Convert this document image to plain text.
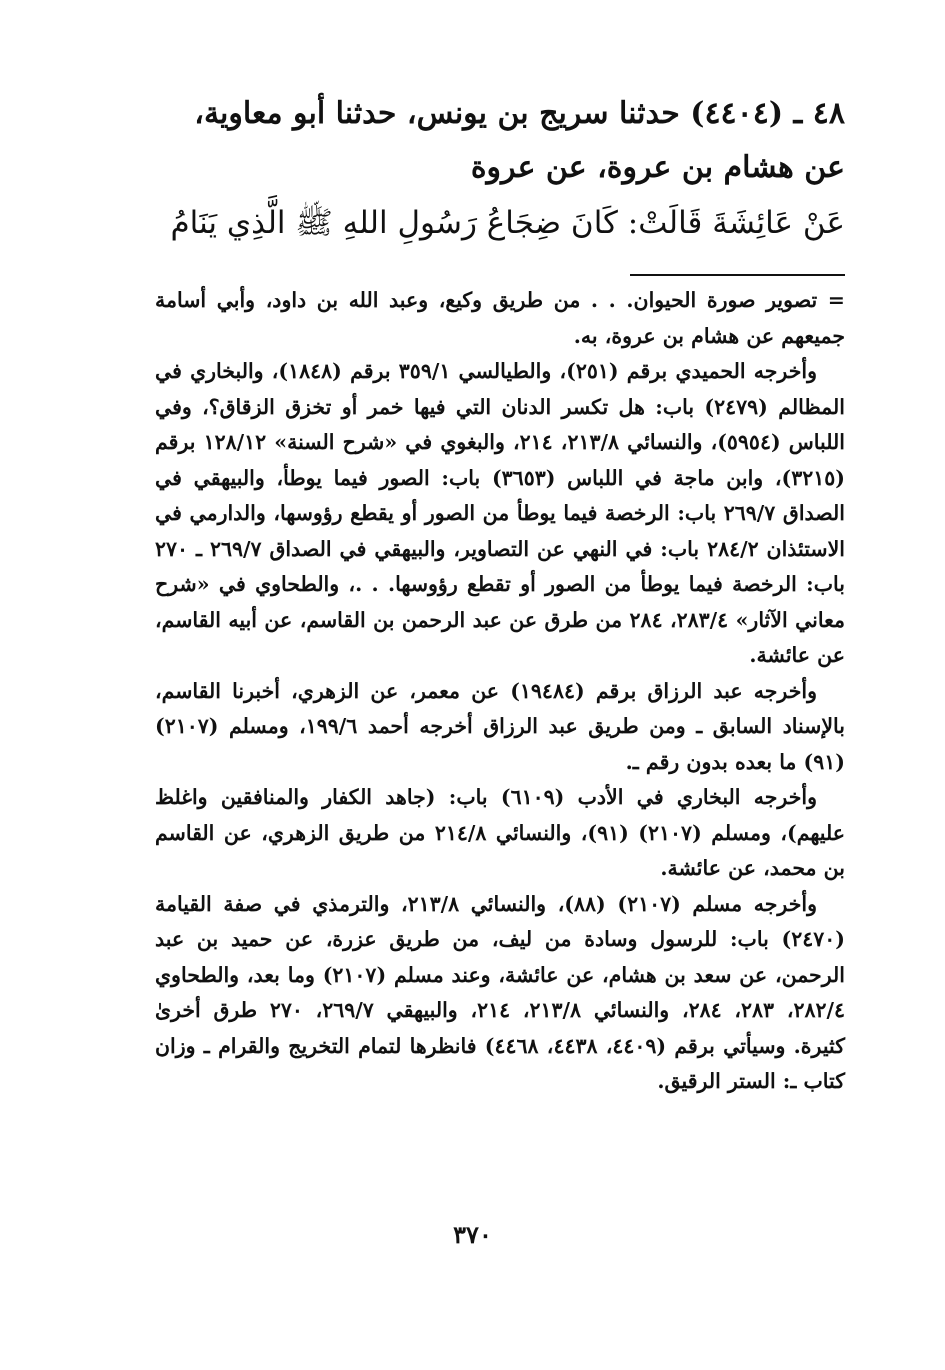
٤٨ ـ (٤٤٠٤) حدثنا سريج بن يونس، حدثنا أبو معاوية،
عن هشام بن عروة، عن عروة
عَنْ عَائِشَةَ قَالَتْ: كَانَ ضِجَاعُ رَسُولِ اللهِ ﷺ الَّذِي يَنَامُ

= تصوير صورة الحيوان. . . من طريق وكيع، وعبد الله بن داود، وأبي أسامة جميعهم عن هشام بن عروة، به.

وأخرجه الحميدي برقم (٢٥١)، والطيالسي ٣٥٩/١ برقم (١٨٤٨)، والبخاري في المظالم (٢٤٧٩) باب: هل تكسر الدنان التي فيها خمر أو تخزق الزقاق؟، وفي اللباس (٥٩٥٤)، والنسائي ٢١٣/٨، ٢١٤، والبغوي في «شرح السنة» ١٢٨/١٢ برقم (٣٢١٥)، وابن ماجة في اللباس (٣٦٥٣) باب: الصور فيما يوطأ، والبيهقي في الصداق ٢٦٩/٧ باب: الرخصة فيما يوطأ من الصور أو يقطع رؤوسها، والدارمي في الاستئذان ٢٨٤/٢ باب: في النهي عن التصاوير، والبيهقي في الصداق ٢٦٩/٧ ـ ٢٧٠ باب: الرخصة فيما يوطأ من الصور أو تقطع رؤوسها. . .، والطحاوي في «شرح معاني الآثار» ٢٨٣/٤، ٢٨٤ من طرق عن عبد الرحمن بن القاسم، عن أبيه القاسم، عن عائشة.

وأخرجه عبد الرزاق برقم (١٩٤٨٤) عن معمر، عن الزهري، أخبرنا القاسم، بالإسناد السابق ـ ومن طريق عبد الرزاق أخرجه أحمد ١٩٩/٦، ومسلم (٢١٠٧) (٩١) ما بعده بدون رقم ـ.

وأخرجه البخاري في الأدب (٦١٠٩) باب: (جاهد الكفار والمنافقين واغلظ عليهم)، ومسلم (٢١٠٧) (٩١)، والنسائي ٢١٤/٨ من طريق الزهري، عن القاسم بن محمد، عن عائشة.

وأخرجه مسلم (٢١٠٧) (٨٨)، والنسائي ٢١٣/٨، والترمذي في صفة القيامة (٢٤٧٠) باب: للرسول وسادة من ليف، من طريق عزرة، عن حميد بن عبد الرحمن، عن سعد بن هشام، عن عائشة، وعند مسلم (٢١٠٧) وما بعد، والطحاوي ٢٨٢/٤، ٢٨٣، ٢٨٤، والنسائي ٢١٣/٨، ٢١٤، والبيهقي ٢٦٩/٧، ٢٧٠ طرق أخرىٰ كثيرة. وسيأتي برقم (٤٤٠٩، ٤٤٣٨، ٤٤٦٨) فانظرها لتمام التخريج والقرام ـ وزان كتاب ـ: الستر الرقيق.

٣٧٠
